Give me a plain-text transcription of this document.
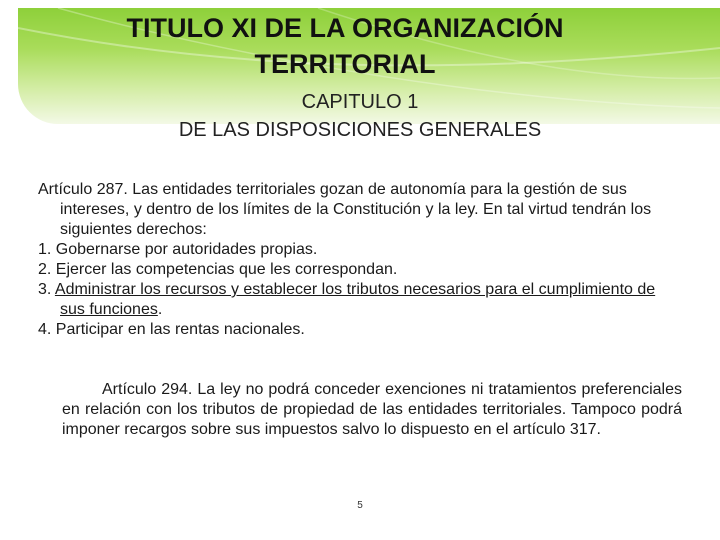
TITULO XI DE LA ORGANIZACIÓN
TERRITORIAL
CAPITULO 1
DE LAS DISPOSICIONES GENERALES

Artículo 287. Las entidades territoriales gozan de autonomía para la gestión de sus intereses, y dentro de los límites de la Constitución y la ley. En tal virtud tendrán los siguientes derechos:

1. Gobernarse por autoridades propias.

2. Ejercer las competencias que les correspondan.

3. Administrar los recursos y establecer los tributos necesarios para el cumplimiento de sus funciones.

4. Participar en las rentas nacionales.

Artículo 294. La ley no podrá conceder exenciones ni tratamientos preferenciales en relación con los tributos de propiedad de las entidades territoriales. Tampoco podrá imponer recargos sobre sus impuestos salvo lo dispuesto en el artículo 317.
5
